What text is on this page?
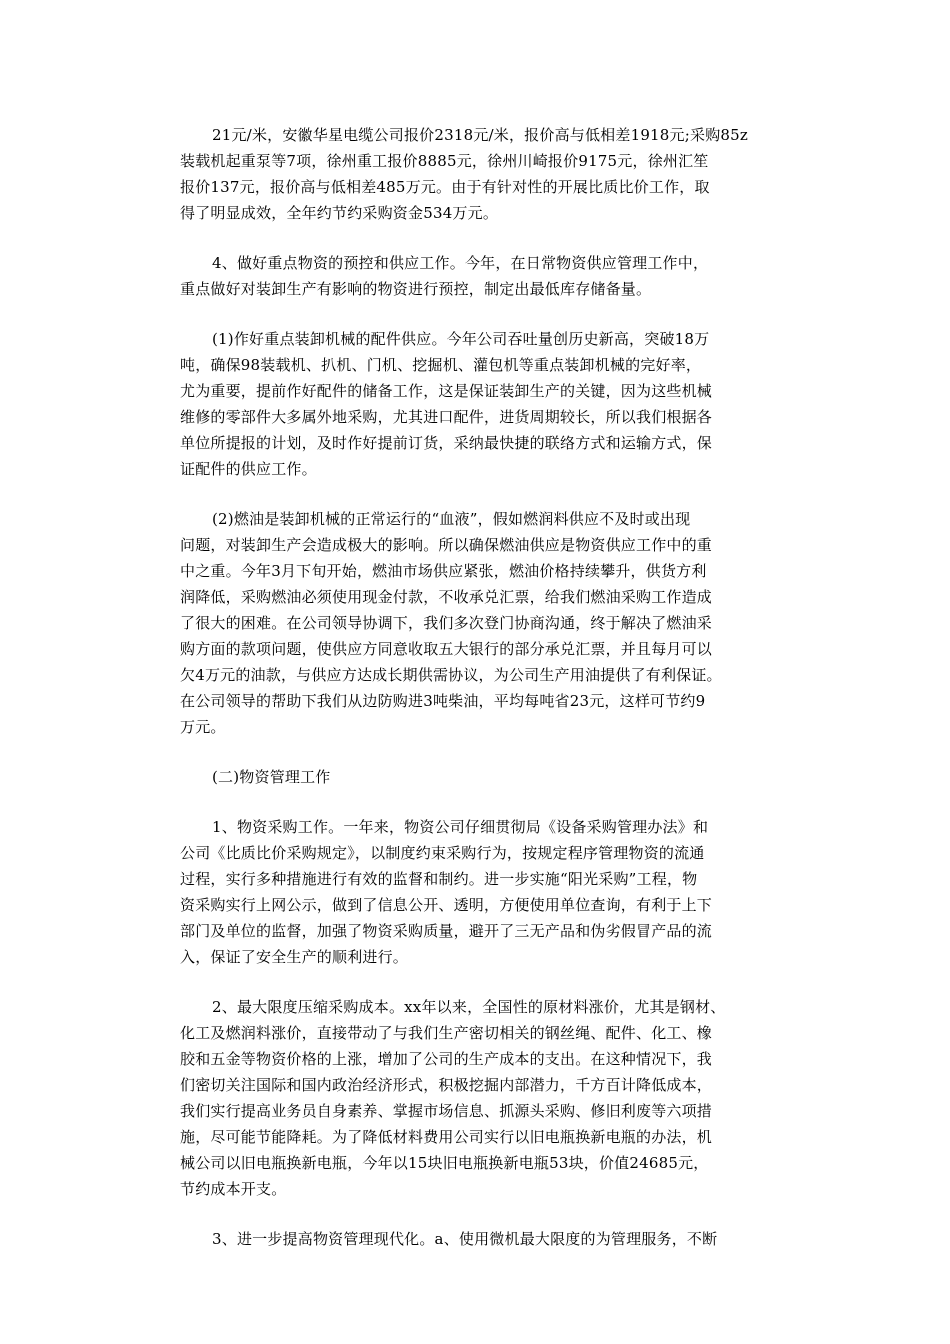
21元/米，安徽华星电缆公司报价2318元/米，报价高与低相差1918元;采购85z
装载机起重泵等7项，徐州重工报价8885元，徐州川崎报价9175元，徐州汇笙
报价137元，报价高与低相差485万元。由于有针对性的开展比质比价工作，取
得了明显成效，全年约节约采购资金534万元。
4、做好重点物资的预控和供应工作。今年，在日常物资供应管理工作中，
重点做好对装卸生产有影响的物资进行预控，制定出最低库存储备量。
(1)作好重点装卸机械的配件供应。今年公司吞吐量创历史新高，突破18万
吨，确保98装载机、扒机、门机、挖掘机、灌包机等重点装卸机械的完好率，
尤为重要，提前作好配件的储备工作，这是保证装卸生产的关键，因为这些机械
维修的零部件大多属外地采购，尤其进口配件，进货周期较长，所以我们根据各
单位所提报的计划，及时作好提前订货，采纳最快捷的联络方式和运输方式，保
证配件的供应工作。
(2)燃油是装卸机械的正常运行的“血液”，假如燃润料供应不及时或出现
问题，对装卸生产会造成极大的影响。所以确保燃油供应是物资供应工作中的重
中之重。今年3月下旬开始，燃油市场供应紧张，燃油价格持续攀升，供货方利
润降低，采购燃油必须使用现金付款，不收承兑汇票，给我们燃油采购工作造成
了很大的困难。在公司领导协调下，我们多次登门协商沟通，终于解决了燃油采
购方面的款项问题，使供应方同意收取五大银行的部分承兑汇票，并且每月可以
欠4万元的油款，与供应方达成长期供需协议，为公司生产用油提供了有利保证。
在公司领导的帮助下我们从边防购进3吨柴油，平均每吨省23元，这样可节约9
万元。
(二)物资管理工作
1、物资采购工作。一年来，物资公司仔细贯彻局《设备采购管理办法》和
公司《比质比价采购规定》，以制度约束采购行为，按规定程序管理物资的流通
过程，实行多种措施进行有效的监督和制约。进一步实施“阳光采购”工程，物
资采购实行上网公示，做到了信息公开、透明，方便使用单位查询，有利于上下
部门及单位的监督，加强了物资采购质量，避开了三无产品和伪劣假冒产品的流
入，保证了安全生产的顺利进行。
2、最大限度压缩采购成本。xx年以来，全国性的原材料涨价，尤其是钢材、
化工及燃润料涨价，直接带动了与我们生产密切相关的钢丝绳、配件、化工、橡
胶和五金等物资价格的上涨，增加了公司的生产成本的支出。在这种情况下，我
们密切关注国际和国内政治经济形式，积极挖掘内部潜力，千方百计降低成本，
我们实行提高业务员自身素养、掌握市场信息、抓源头采购、修旧利废等六项措
施，尽可能节能降耗。为了降低材料费用公司实行以旧电瓶换新电瓶的办法，机
械公司以旧电瓶换新电瓶，今年以15块旧电瓶换新电瓶53块，价值24685元，
节约成本开支。
3、进一步提高物资管理现代化。a、使用微机最大限度的为管理服务，不断
